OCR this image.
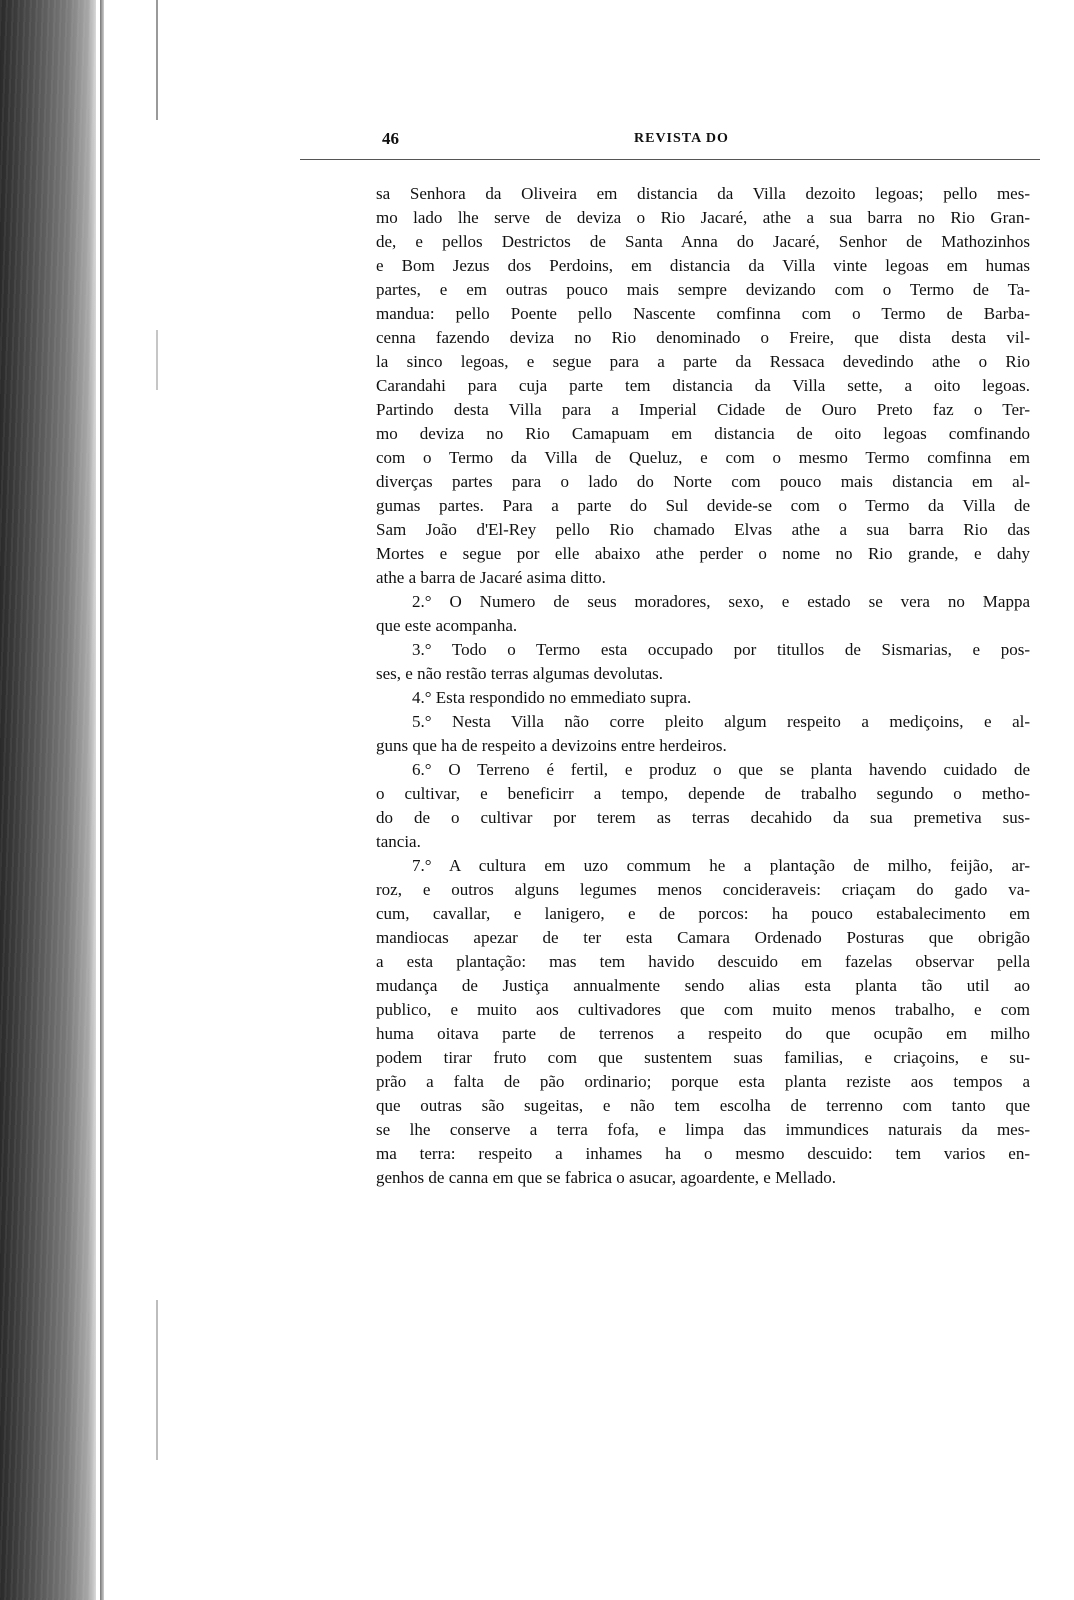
46	REVISTA DO
sa Senhora da Oliveira em distancia da Villa dezoito legoas; pello mes-
mo lado lhe serve de deviza o Rio Jacaré, athe a sua barra no Rio Gran-
de, e pellos Destrictos de Santa Anna do Jacaré, Senhor de Mathozinhos
e Bom Jezus dos Perdoins, em distancia da Villa vinte legoas em humas
partes, e em outras pouco mais sempre devizando com o Termo de Ta-
mandua: pello Poente pello Nascente comfinna com o Termo de Barba-
cenna fazendo deviza no Rio denominado o Freire, que dista desta vil-
la sinco legoas, e segue para a parte da Ressaca devedindo athe o Rio
Carandahi para cuja parte tem distancia da Villa sette, a oito legoas.
Partindo desta Villa para a Imperial Cidade de Ouro Preto faz o Ter-
mo deviza no Rio Camapuam em distancia de oito legoas comfinando
com o Termo da Villa de Queluz, e com o mesmo Termo comfinna em
diverças partes para o lado do Norte com pouco mais distancia em al-
gumas partes. Para a parte do Sul devide-se com o Termo da Villa de
Sam João d'El-Rey pello Rio chamado Elvas athe a sua barra Rio das
Mortes e segue por elle abaixo athe perder o nome no Rio grande, e dahy
athe a barra de Jacaré asima ditto.
2.° O Numero de seus moradores, sexo, e estado se vera no Mappa
que este acompanha.
3.° Todo o Termo esta occupado por titullos de Sismarias, e pos-
ses, e não restão terras algumas devolutas.
4.° Esta respondido no emmediato supra.
5.° Nesta Villa não corre pleito algum respeito a mediçoins, e al-
guns que ha de respeito a devizoins entre herdeiros.
6.° O Terreno é fertil, e produz o que se planta havendo cuidado de
o cultivar, e beneficirr a tempo, depende de trabalho segundo o metho-
do de o cultivar por terem as terras decahido da sua premetiva sus-
tancia.
7.° A cultura em uzo commum he a plantação de milho, feijão, ar-
roz, e outros alguns legumes menos concideraveis: criaçam do gado va-
cum, cavallar, e lanigero, e de porcos: ha pouco estabalecimento em
mandiocas apezar de ter esta Camara Ordenado Posturas que obrigão
a esta plantação: mas tem havido descuido em fazelas observar pella
mudança de Justiça annualmente sendo alias esta planta tão util ao
publico, e muito aos cultivadores que com muito menos trabalho, e com
huma oitava parte de terrenos a respeito do que ocupão em milho
podem tirar fruto com que sustentem suas familias, e criaçoins, e su-
prão a falta de pão ordinario; porque esta planta reziste aos tempos a
que outras são sugeitas, e não tem escolha de terrenno com tanto que
se lhe conserve a terra fofa, e limpa das immundices naturais da mes-
ma terra: respeito a inhames ha o mesmo descuido: tem varios en-
genhos de canna em que se fabrica o asucar, agoardente, e Mellado.
